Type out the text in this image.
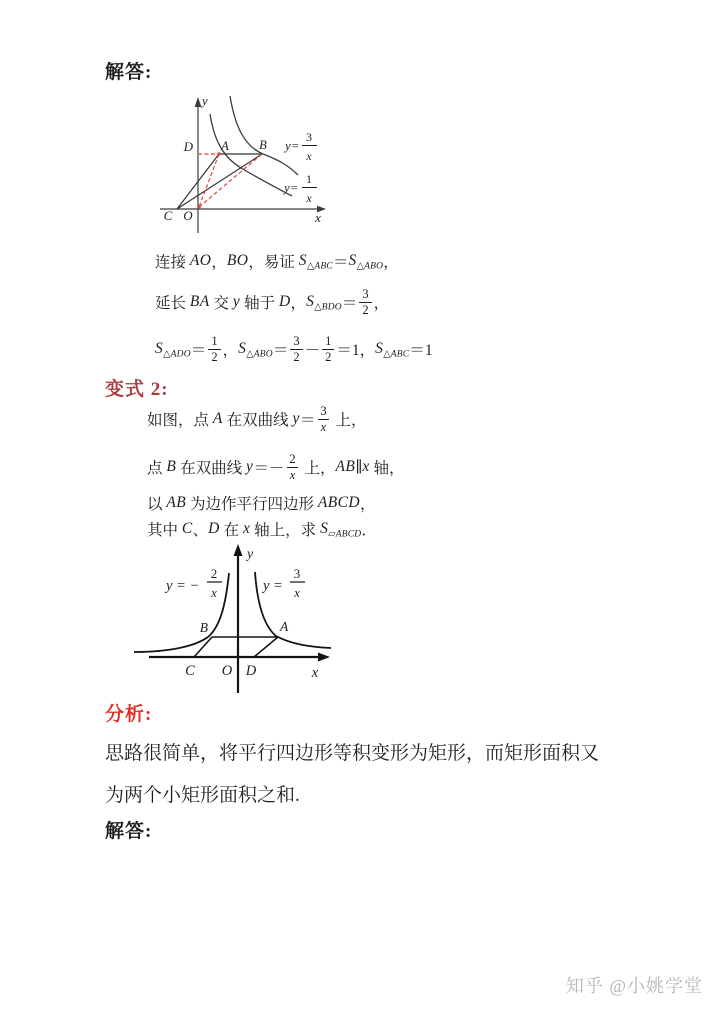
解答:
y
x
A B
C O
D	y=
3
x
y=
1
x
连接 AO ， BO ，易证 S △ABC ＝ S △ABO ，
延长 BA 交 y 轴于 D ， S △BDO ＝ $\frac{3}{2}$ ，
S △ADO ＝ $\frac{1}{2}$ ， S △ABO ＝ $\frac{3}{2} - \frac{1}{2} =1$， S △ABC ＝1
变式 2:
如图，点 A 在双曲线 $y = \frac{3}{x}$ 上，
点 B 在双曲线 $y =- \frac{2}{x}$ 上， AB ∥ x 轴，
以 AB 为边作平行四边形 ABCD ，
其中 C 、 D 在 x 轴上，求 S ▱ABCD ．
y
x
B	A
C O D
y = −
2
x	y =
3
x
分析:
思路很简单，将平行四边形等积变形为矩形，而矩形面积又为两个小矩形面积之和.
解答:
知乎 @小姚学堂
